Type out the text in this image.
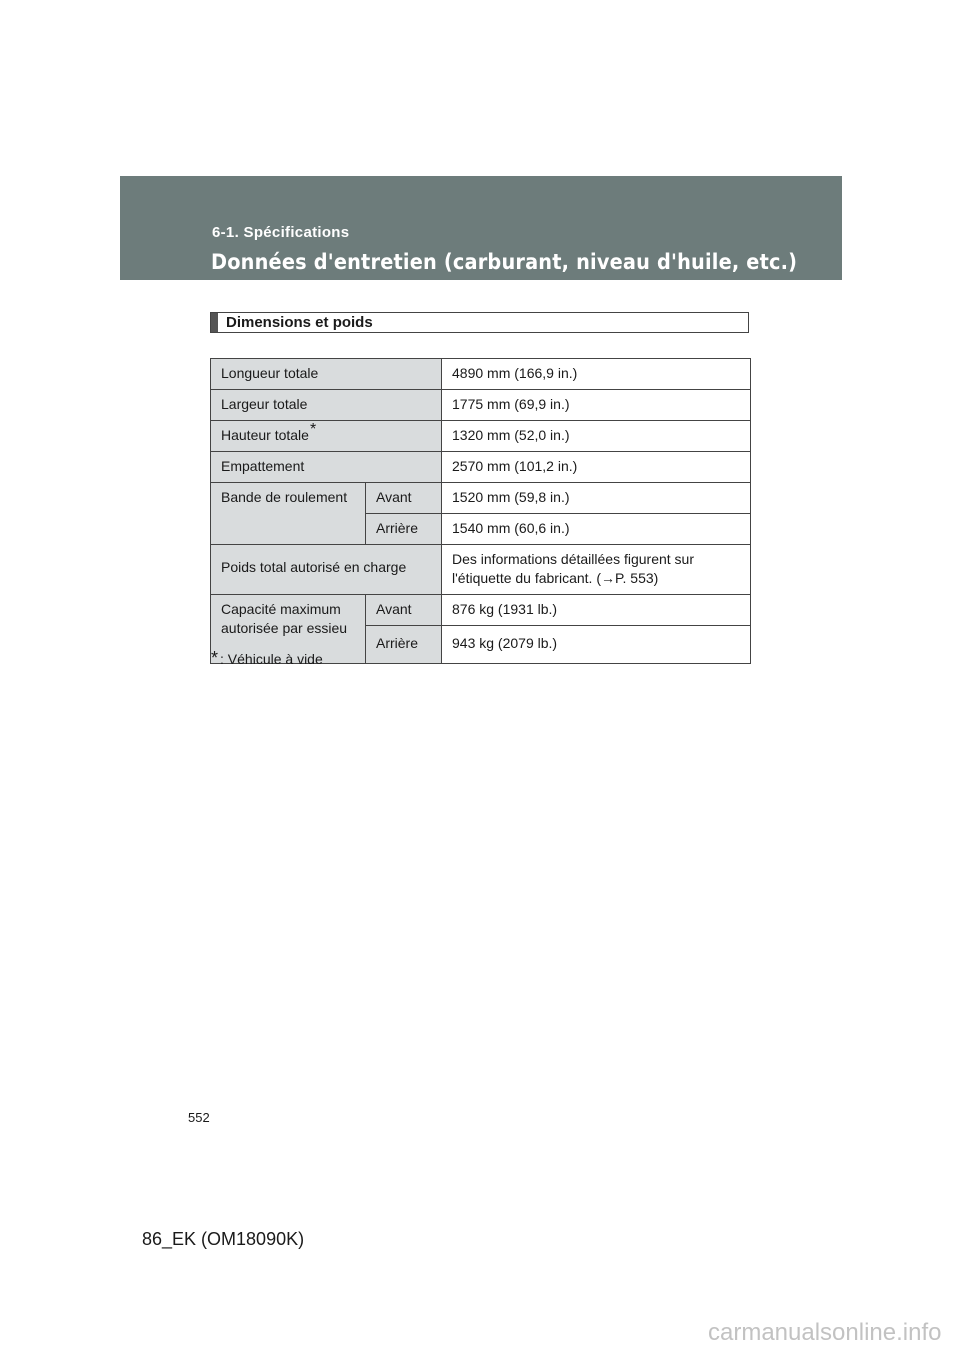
6-1. Spécifications
Données d'entretien (carburant, niveau d'huile, etc.)
Dimensions et poids
Longueur totale		4890 mm (166,9 in.)
Largeur totale		1775 mm (69,9 in.)
Hauteur totale*		1320 mm (52,0 in.)
Empattement		2570 mm (101,2 in.)
Bande de roulement	Avant	1520 mm (59,8 in.)
	Arrière	1540 mm (60,6 in.)
Poids total autorisé en charge		Des informations détaillées figurent sur l'étiquette du fabricant. (→P. 553)
Capacité maximum autorisée par essieu	Avant	876 kg (1931 lb.)
	Arrière	943 kg (2079 lb.)
* : Véhicule à vide
552
86_EK (OM18090K)
carmanualsonline.info
